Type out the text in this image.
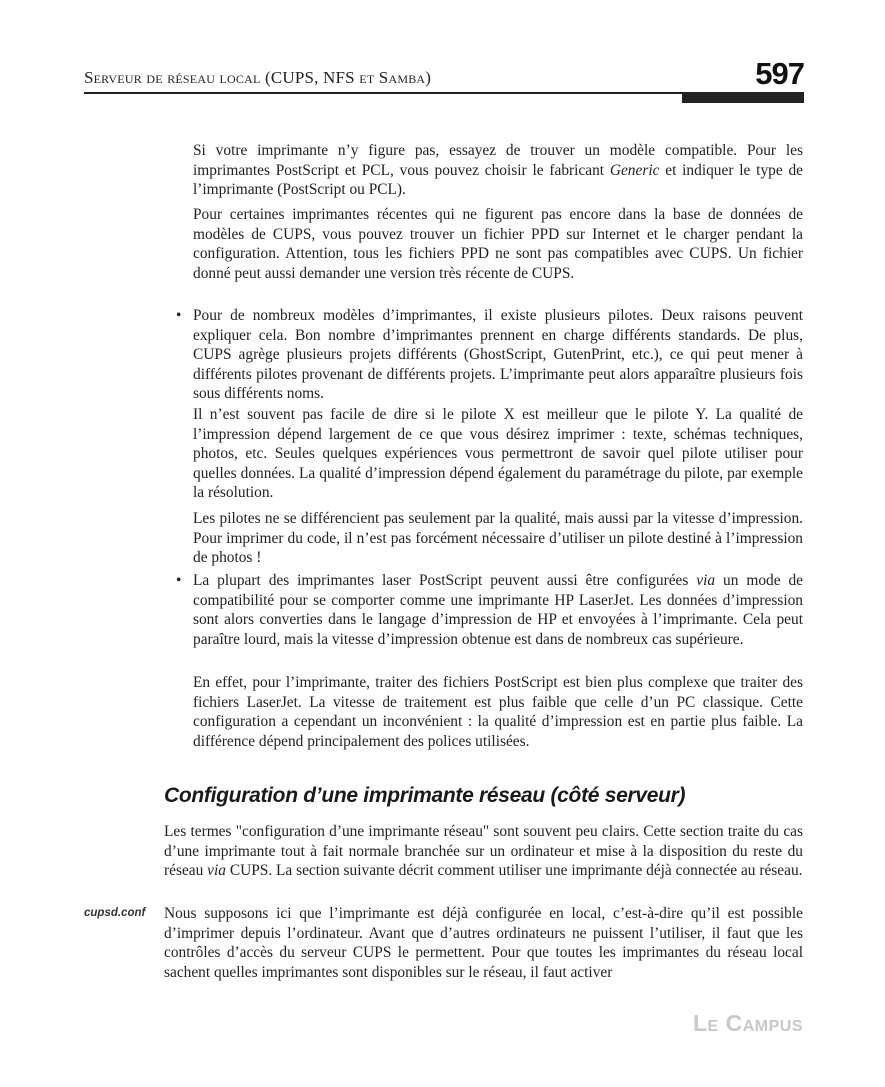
Serveur de réseau local (CUPS, NFS et Samba)	597

Si votre imprimante n’y figure pas, essayez de trouver un modèle compatible. Pour les imprimantes PostScript et PCL, vous pouvez choisir le fabricant Generic et indiquer le type de l’imprimante (PostScript ou PCL).

Pour certaines imprimantes récentes qui ne figurent pas encore dans la base de données de modèles de CUPS, vous pouvez trouver un fichier PPD sur Internet et le charger pendant la configuration. Attention, tous les fichiers PPD ne sont pas compatibles avec CUPS. Un fichier donné peut aussi demander une version très récente de CUPS.

• Pour de nombreux modèles d’imprimantes, il existe plusieurs pilotes. Deux raisons peuvent expliquer cela. Bon nombre d’imprimantes prennent en charge différents standards. De plus, CUPS agrège plusieurs projets différents (GhostScript, GutenPrint, etc.), ce qui peut mener à différents pilotes provenant de différents projets. L’imprimante peut alors apparaître plusieurs fois sous différents noms.

Il n’est souvent pas facile de dire si le pilote X est meilleur que le pilote Y. La qualité de l’impression dépend largement de ce que vous désirez imprimer : texte, schémas techniques, photos, etc. Seules quelques expériences vous permettront de savoir quel pilote utiliser pour quelles données. La qualité d’impression dépend également du paramétrage du pilote, par exemple la résolution.

Les pilotes ne se différencient pas seulement par la qualité, mais aussi par la vitesse d’impression. Pour imprimer du code, il n’est pas forcément nécessaire d’utiliser un pilote destiné à l’impression de photos !

• La plupart des imprimantes laser PostScript peuvent aussi être configurées via un mode de compatibilité pour se comporter comme une imprimante HP LaserJet. Les données d’impression sont alors converties dans le langage d’impression de HP et envoyées à l’imprimante. Cela peut paraître lourd, mais la vitesse d’impression obtenue est dans de nombreux cas supérieure.

En effet, pour l’imprimante, traiter des fichiers PostScript est bien plus complexe que traiter des fichiers LaserJet. La vitesse de traitement est plus faible que celle d’un PC classique. Cette configuration a cependant un inconvénient : la qualité d’impression est en partie plus faible. La différence dépend principalement des polices utilisées.

Configuration d’une imprimante réseau (côté serveur)

Les termes "configuration d’une imprimante réseau" sont souvent peu clairs. Cette section traite du cas d’une imprimante tout à fait normale branchée sur un ordinateur et mise à la disposition du reste du réseau via CUPS. La section suivante décrit comment utiliser une imprimante déjà connectée au réseau.

cupsd.conf Nous supposons ici que l’imprimante est déjà configurée en local, c’est-à-dire qu’il est possible d’imprimer depuis l’ordinateur. Avant que d’autres ordinateurs ne puissent l’utiliser, il faut que les contrôles d’accès du serveur CUPS le permettent. Pour que toutes les imprimantes du réseau local sachent quelles imprimantes sont disponibles sur le réseau, il faut activer

Le Campus
